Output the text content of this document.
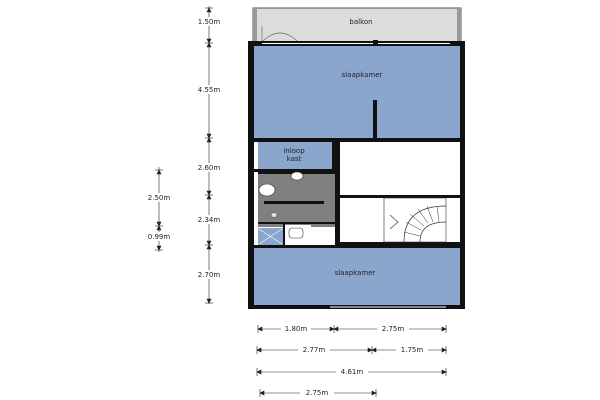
balkon
slaapkamer
inloop
kast
slaapkamer
1.50m
4.55m
2.60m
2.34m
2.70m
2.50m
0.99m
1.80m	2.75m
2.77m	1.75m
4.61m
2.75m
